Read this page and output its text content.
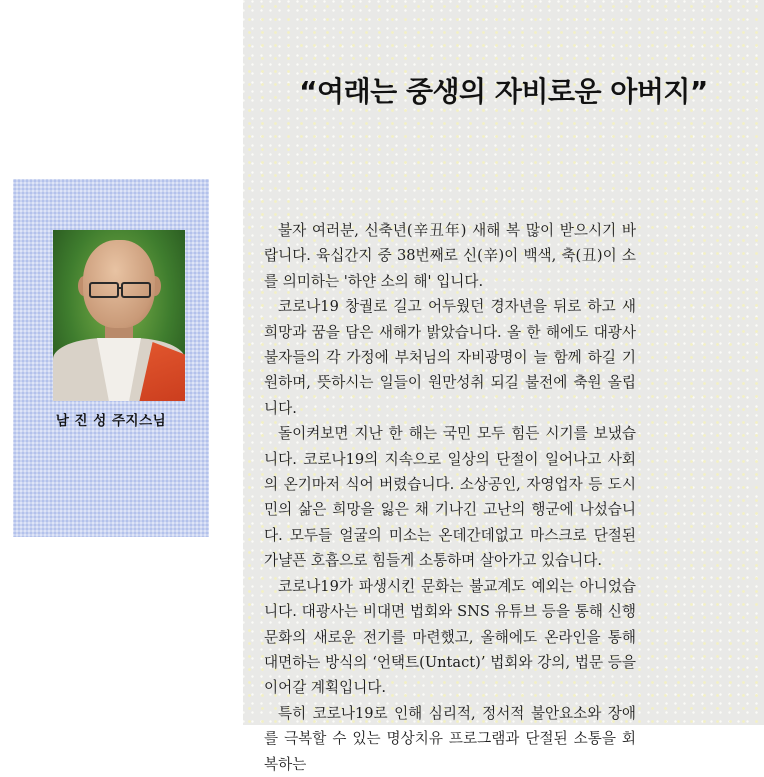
남 진 성 주지스님
“여래는 중생의 자비로운 아버지”

불자 여러분, 신축년(辛丑年) 새해 복 많이 받으시기 바랍니다. 육십간지 중 38번째로 신(辛)이 백색, 축(丑)이 소를 의미하는 '하얀 소의 해' 입니다.

코로나19 창궐로 길고 어두웠던 경자년을 뒤로 하고 새 희망과 꿈을 담은 새해가 밝았습니다. 올 한 해에도 대광사 불자들의 각 가정에 부처님의 자비광명이 늘 함께 하길 기원하며, 뜻하시는 일들이 원만성취 되길 불전에 축원 올립니다.

돌이켜보면 지난 한 해는 국민 모두 힘든 시기를 보냈습니다. 코로나19의 지속으로 일상의 단절이 일어나고 사회의 온기마저 식어 버렸습니다. 소상공인, 자영업자 등 도시민의 삶은 희망을 잃은 채 기나긴 고난의 행군에 나섰습니다. 모두들 얼굴의 미소는 온데간데없고 마스크로 단절된 가냘픈 호흡으로 힘들게 소통하며 살아가고 있습니다.

코로나19가 파생시킨 문화는 불교계도 예외는 아니었습니다. 대광사는 비대면 법회와 SNS 유튜브 등을 통해 신행문화의 새로운 전기를 마련했고, 올해에도 온라인을 통해 대면하는 방식의 ‘언택트(Untact)’ 법회와 강의, 법문 등을 이어갈 계획입니다.

특히 코로나19로 인해 심리적, 정서적 불안요소와 장애를 극복할 수 있는 명상치유 프로그램과 단절된 소통을 회복하는
